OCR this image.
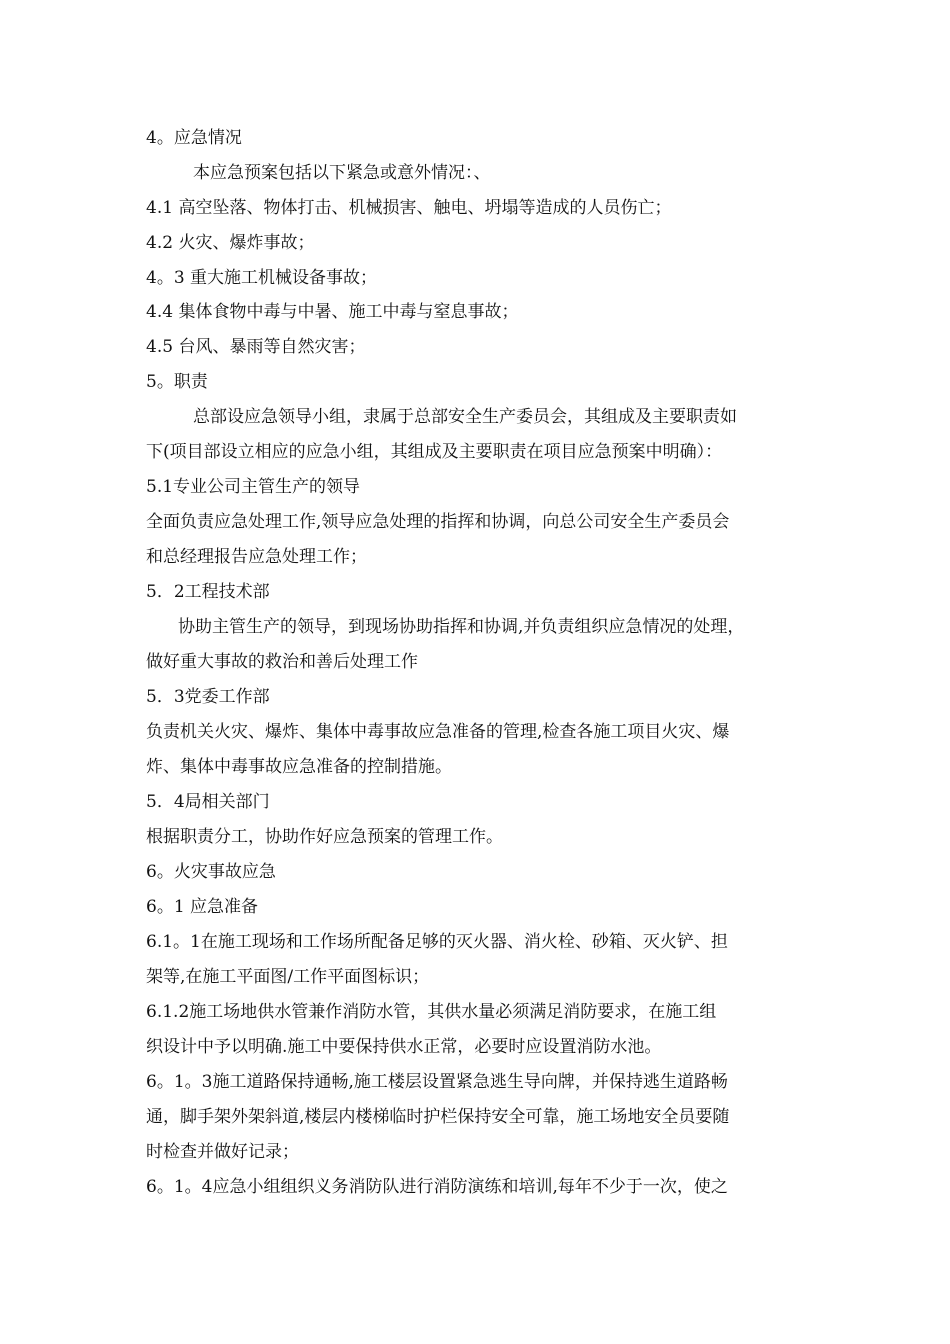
4。应急情况
本应急预案包括以下紧急或意外情况：、
4.1 高空坠落、物体打击、机械损害、触电、坍塌等造成的人员伤亡；
4.2 火灾、爆炸事故；
4。3 重大施工机械设备事故；
4.4 集体食物中毒与中暑、施工中毒与窒息事故；
4.5 台风、暴雨等自然灾害；
5。职责
总部设应急领导小组，隶属于总部安全生产委员会，其组成及主要职责如
下(项目部设立相应的应急小组，其组成及主要职责在项目应急预案中明确）：
5.1专业公司主管生产的领导
全面负责应急处理工作,领导应急处理的指挥和协调，向总公司安全生产委员会
和总经理报告应急处理工作；
5．2工程技术部
协助主管生产的领导，到现场协助指挥和协调,并负责组织应急情况的处理，
做好重大事故的救治和善后处理工作
5．3党委工作部
负责机关火灾、爆炸、集体中毒事故应急准备的管理,检查各施工项目火灾、爆
炸、集体中毒事故应急准备的控制措施。
5．4局相关部门
根据职责分工，协助作好应急预案的管理工作。
6。火灾事故应急
6。1 应急准备
6.1。1在施工现场和工作场所配备足够的灭火器、消火栓、砂箱、灭火铲、担
架等,在施工平面图/工作平面图标识；
6.1.2施工场地供水管兼作消防水管，其供水量必须满足消防要求，在施工组
织设计中予以明确.施工中要保持供水正常，必要时应设置消防水池。
6。1。3施工道路保持通畅,施工楼层设置紧急逃生导向牌，并保持逃生道路畅
通，脚手架外架斜道,楼层内楼梯临时护栏保持安全可靠，施工场地安全员要随
时检查并做好记录；
6。1。4应急小组组织义务消防队进行消防演练和培训,每年不少于一次，使之
